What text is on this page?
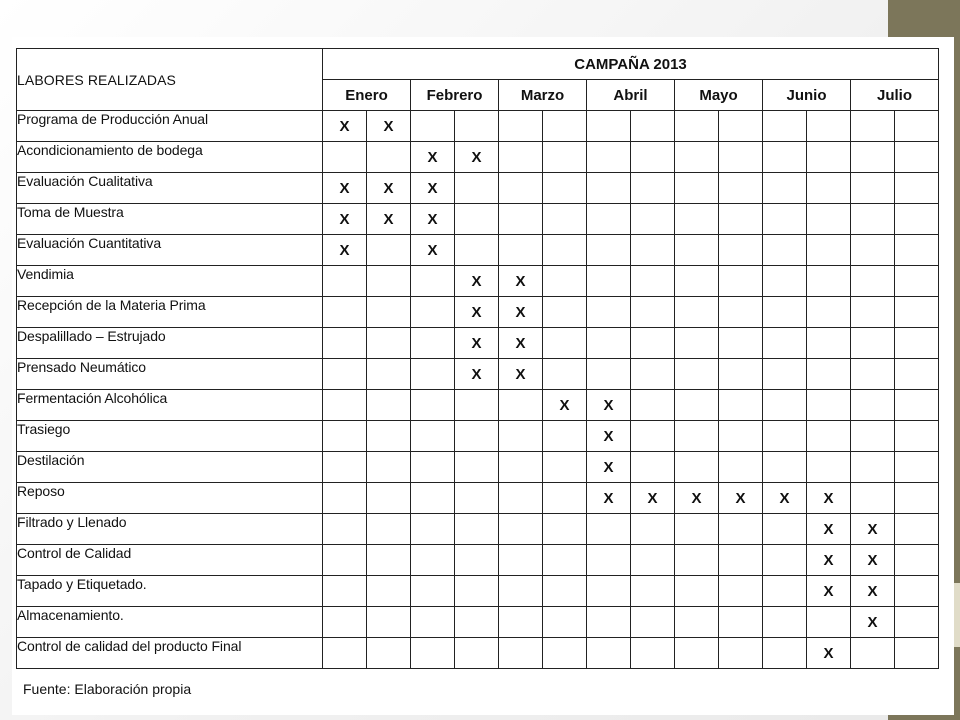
LABORES REALIZADAS	CAMPAÑA 2013													
	Enero		Febrero		Marzo		Abril		Mayo		Junio		Julio	
Programa de Producción Anual	X	X												
Acondicionamiento de bodega			X	X										
Evaluación Cualitativa	X	X	X											
Toma de Muestra	X	X	X											
Evaluación Cuantitativa	X		X											
Vendimia				X	X									
Recepción de la Materia Prima				X	X									
Despalillado – Estrujado				X	X									
Prensado Neumático				X	X									
Fermentación Alcohólica						X	X							
Trasiego							X							
Destilación							X							
Reposo							X	X	X	X	X	X		
Filtrado y Llenado												X	X	
Control de Calidad												X	X	
Tapado y Etiquetado.												X	X	
Almacenamiento.													X	
Control de calidad del producto Final												X		
Fuente: Elaboración propia
